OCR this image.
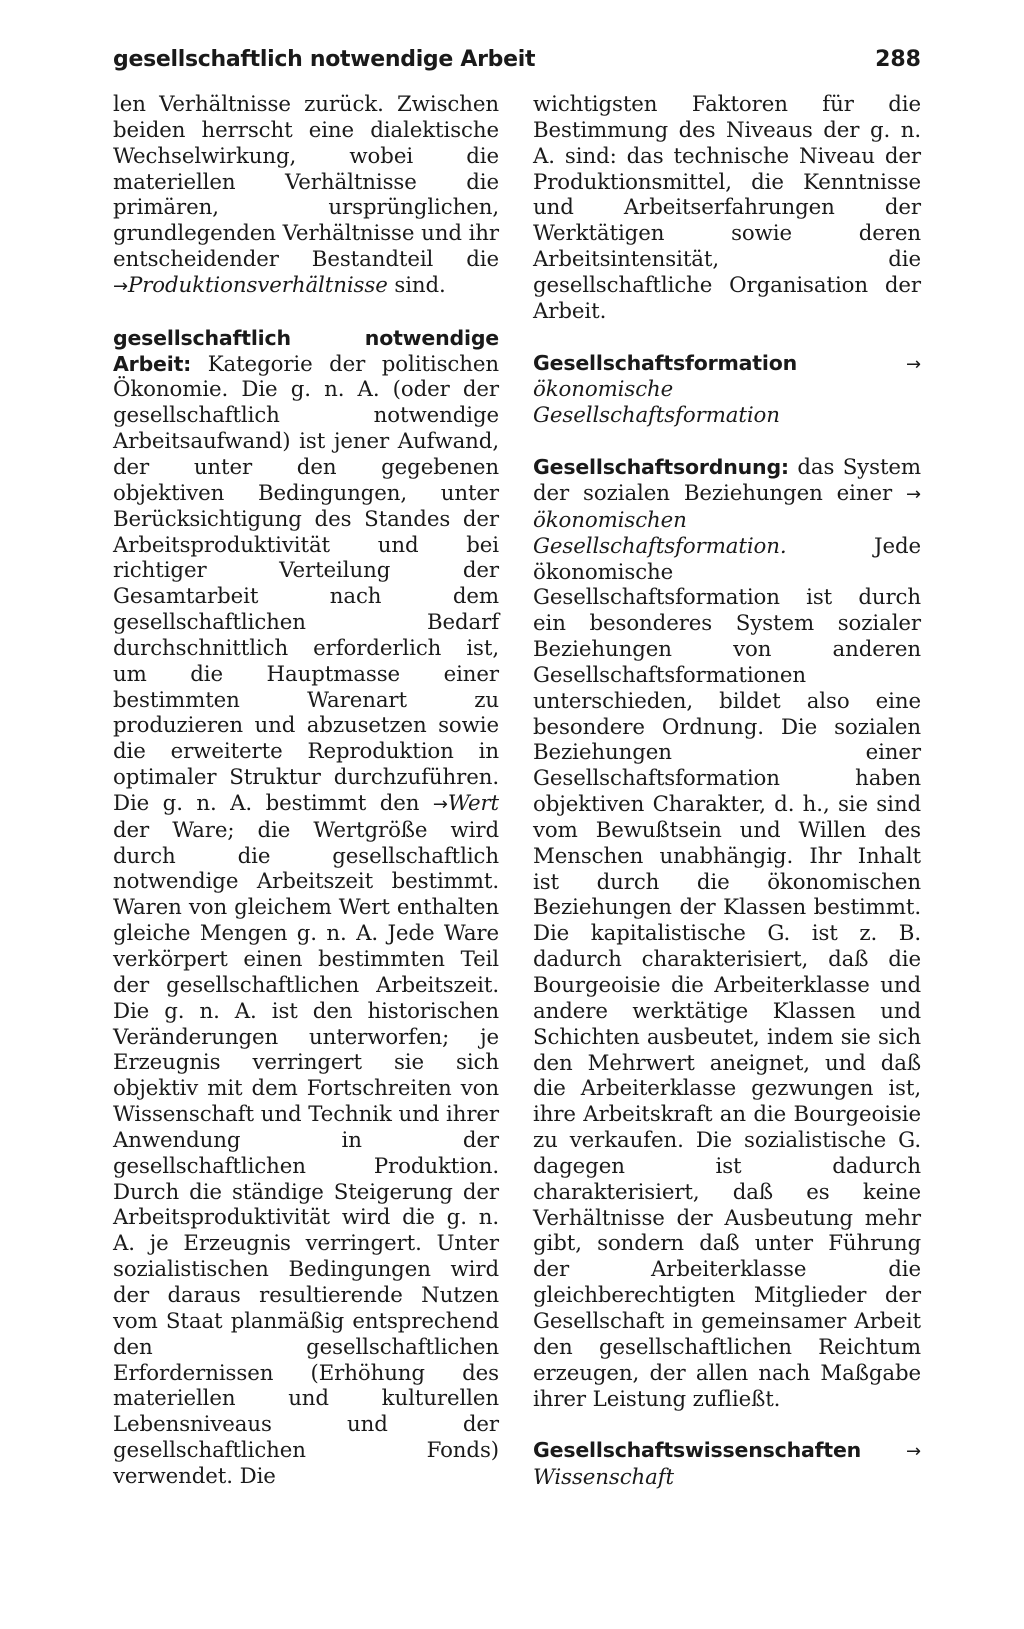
gesellschaftlich notwendige Arbeit	288

len Verhältnisse zurück. Zwischen beiden herrscht eine dialektische Wechselwirkung, wobei die materiellen Verhältnisse die primären, ursprünglichen, grundlegenden Verhältnisse und ihr entscheidender Bestandteil die →Produktionsverhältnisse sind.

gesellschaftlich notwendige Arbeit: Kategorie der politischen Ökonomie. Die g. n. A. (oder der gesellschaftlich notwendige Arbeitsaufwand) ist jener Aufwand, der unter den gegebenen objektiven Bedingungen, unter Berücksichtigung des Standes der Arbeitsproduktivität und bei richtiger Verteilung der Gesamtarbeit nach dem gesellschaftlichen Bedarf durchschnittlich erforderlich ist, um die Hauptmasse einer bestimmten Warenart zu produzieren und abzusetzen sowie die erweiterte Reproduktion in optimaler Struktur durchzuführen. Die g. n. A. bestimmt den →Wert der Ware; die Wertgröße wird durch die gesellschaftlich notwendige Arbeitszeit bestimmt. Waren von gleichem Wert enthalten gleiche Mengen g. n. A. Jede Ware verkörpert einen bestimmten Teil der gesellschaftlichen Arbeitszeit. Die g. n. A. ist den historischen Veränderungen unterworfen; je Erzeugnis verringert sie sich objektiv mit dem Fortschreiten von Wissenschaft und Technik und ihrer Anwendung in der gesellschaftlichen Produktion. Durch die ständige Steigerung der Arbeitsproduktivität wird die g. n. A. je Erzeugnis verringert. Unter sozialistischen Bedingungen wird der daraus resultierende Nutzen vom Staat planmäßig entsprechend den gesellschaftlichen Erfordernissen (Erhöhung des materiellen und kulturellen Lebensniveaus und der gesellschaftlichen Fonds) verwendet. Die

wichtigsten Faktoren für die Bestimmung des Niveaus der g. n. A. sind: das technische Niveau der Produktionsmittel, die Kenntnisse und Arbeitserfahrungen der Werktätigen sowie deren Arbeitsintensität, die gesellschaftliche Organisation der Arbeit.

Gesellschaftsformation	→ ökonomische Gesellschaftsformation

Gesellschaftsordnung: das System der sozialen Beziehungen einer → ökonomischen Gesellschaftsformation. Jede ökonomische Gesellschaftsformation ist durch ein besonderes System sozialer Beziehungen von anderen Gesellschaftsformationen unterschieden, bildet also eine besondere Ordnung. Die sozialen Beziehungen einer Gesellschaftsformation haben objektiven Charakter, d. h., sie sind vom Bewußtsein und Willen des Menschen unabhängig. Ihr Inhalt ist durch die ökonomischen Beziehungen der Klassen bestimmt. Die kapitalistische G. ist z. B. dadurch charakterisiert, daß die Bourgeoisie die Arbeiterklasse und andere werktätige Klassen und Schichten ausbeutet, indem sie sich den Mehrwert aneignet, und daß die Arbeiterklasse gezwungen ist, ihre Arbeitskraft an die Bourgeoisie zu verkaufen. Die sozialistische G. dagegen ist dadurch charakterisiert, daß es keine Verhältnisse der Ausbeutung mehr gibt, sondern daß unter Führung der Arbeiterklasse die gleichberechtigten Mitglieder der Gesellschaft in gemeinsamer Arbeit den gesellschaftlichen Reichtum erzeugen, der allen nach Maßgabe ihrer Leistung zufließt.

Gesellschaftswissenschaften → Wissenschaft
